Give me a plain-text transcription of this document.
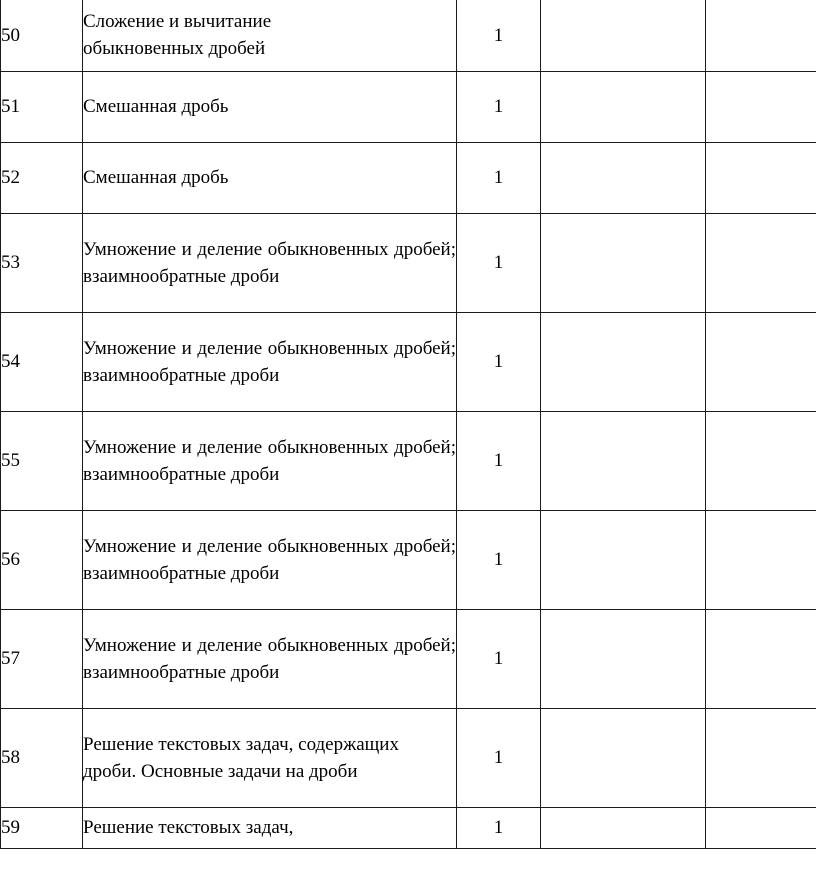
50	Сложение и вычитание
обыкновенных дробей	1		

51	Смешанная дробь	1		

52	Смешанная дробь	1		

53	Умножение и деление обыкновенных дробей; взаимнообратные дроби	1		

54	Умножение и деление обыкновенных дробей; взаимнообратные дроби	1		

55	Умножение и деление обыкновенных дробей; взаимнообратные дроби	1		

56	Умножение и деление обыкновенных дробей; взаимнообратные дроби	1		

57	Умножение и деление обыкновенных дробей; взаимнообратные дроби	1		

58	Решение текстовых задач, содержащих дроби. Основные задачи на дроби	1		

59	Решение текстовых задач,	1		
